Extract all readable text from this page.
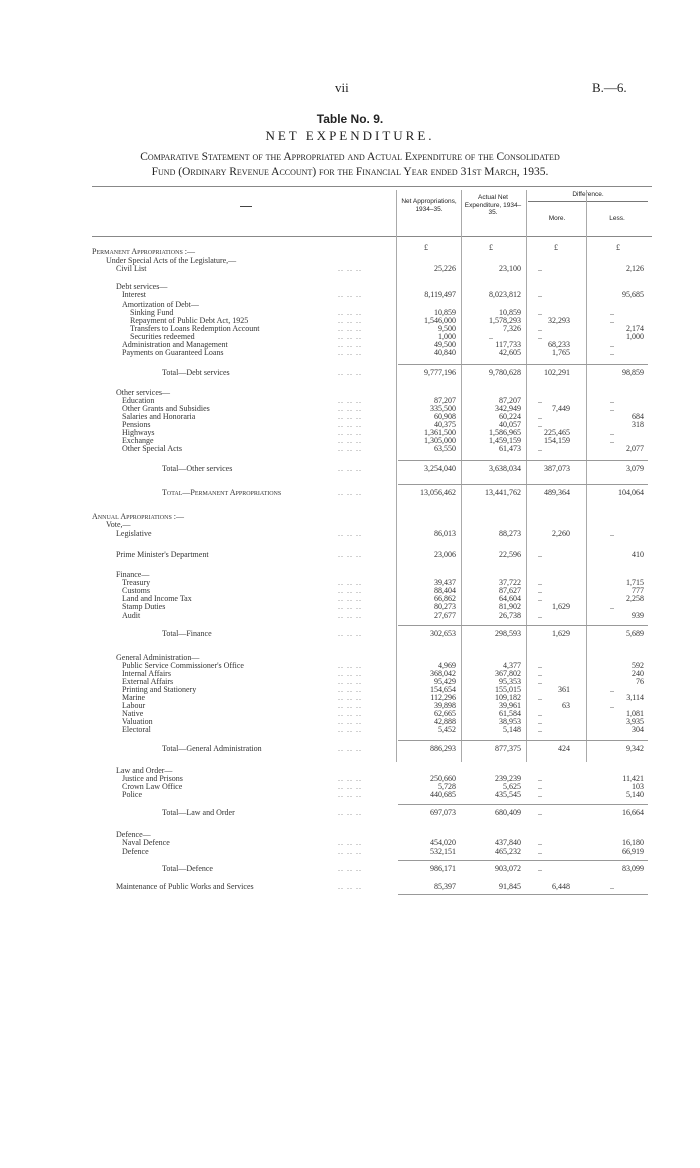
vii	B.—6.
Table No. 9.
NET EXPENDITURE.
Comparative Statement of the Appropriated and Actual Expenditure of the Consolidated
Fund (Ordinary Revenue Account) for the Financial Year ended 31st March, 1935.
Net Appropriations, 1934–35.
Actual Net Expenditure, 1934–35.
Difference.
More.	Less.
£	£	£	£
Permanent Appropriations :—
Under Special Acts of the Legislature,—
Civil List	.. .. ..	25,226	23,100	..	2,126
Debt services—
Interest	.. .. ..	8,119,497	8,023,812	..	95,685
Amortization of Debt—
Sinking Fund	.. .. ..	10,859	10,859	..	..
Repayment of Public Debt Act, 1925	.. .. ..	1,546,000	1,578,293	32,293	..
Transfers to Loans Redemption Account	.. .. ..	9,500	7,326	..	2,174
Securities redeemed	.. .. ..	1,000	..	..	1,000
Administration and Management	.. .. ..	49,500	117,733	68,233	..
Payments on Guaranteed Loans	.. .. ..	40,840	42,605	1,765	..
Total—Debt services	.. .. ..	9,777,196	9,780,628	102,291	98,859
Other services—
Education	.. .. ..	87,207	87,207	..	..
Other Grants and Subsidies	.. .. ..	335,500	342,949	7,449	..
Salaries and Honoraria	.. .. ..	60,908	60,224	..	684
Pensions	.. .. ..	40,375	40,057	..	318
Highways	.. .. ..	1,361,500	1,586,965	225,465	..
Exchange	.. .. ..	1,305,000	1,459,159	154,159	..
Other Special Acts	.. .. ..	63,550	61,473	..	2,077
Total—Other services	.. .. ..	3,254,040	3,638,034	387,073	3,079
Total—Permanent Appropriations	.. .. ..	13,056,462	13,441,762	489,364	104,064
Annual Appropriations :—
Vote,—
Legislative	.. .. ..	86,013	88,273	2,260	..
Prime Minister's Department	.. .. ..	23,006	22,596	..	410
Finance—
Treasury	.. .. ..	39,437	37,722	..	1,715
Customs	.. .. ..	88,404	87,627	..	777
Land and Income Tax	.. .. ..	66,862	64,604	..	2,258
Stamp Duties	.. .. ..	80,273	81,902	1,629	..
Audit	.. .. ..	27,677	26,738	..	939
Total—Finance	.. .. ..	302,653	298,593	1,629	5,689
General Administration—
Public Service Commissioner's Office	.. .. ..	4,969	4,377	..	592
Internal Affairs	.. .. ..	368,042	367,802	..	240
External Affairs	.. .. ..	95,429	95,353	..	76
Printing and Stationery	.. .. ..	154,654	155,015	361	..
Marine	.. .. ..	112,296	109,182	..	3,114
Labour	.. .. ..	39,898	39,961	63	..
Native	.. .. ..	62,665	61,584	..	1,081
Valuation	.. .. ..	42,888	38,953	..	3,935
Electoral	.. .. ..	5,452	5,148	..	304
Total—General Administration	.. .. ..	886,293	877,375	424	9,342
Law and Order—
Justice and Prisons	.. .. ..	250,660	239,239	..	11,421
Crown Law Office	.. .. ..	5,728	5,625	..	103
Police	.. .. ..	440,685	435,545	..	5,140
Total—Law and Order	.. .. ..	697,073	680,409	..	16,664
Defence—
Naval Defence	.. .. ..	454,020	437,840	..	16,180
Defence	.. .. ..	532,151	465,232	..	66,919
Total—Defence	.. .. ..	986,171	903,072	..	83,099
Maintenance of Public Works and Services	.. .. ..	85,397	91,845	6,448	..
